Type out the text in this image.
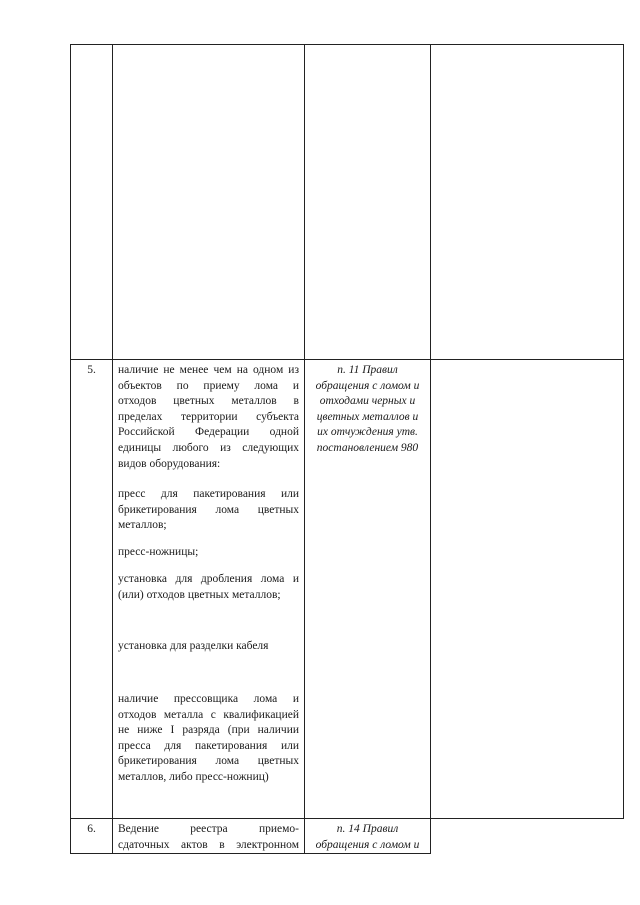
5.	наличие не менее чем на одном из

объектов по приему лома и

отходов цветных металлов в

пределах территории субъекта

Российской Федерации одной

единицы любого из следующих

видов оборудования:

пресс для пакетирования или

брикетирования лома цветных

металлов;

пресс-ножницы;

установка для дробления лома и

(или) отходов цветных металлов;

установка для разделки кабеля

наличие прессовщика лома и

отходов металла с квалификацией

не ниже I разряда (при наличии

пресса для пакетирования или

брикетирования лома цветных

металлов, либо пресс-ножниц)

п. 11 Правил
обращения с ломом и
отходами черных и
цветных металлов и
их отчуждения утв.
постановлением 980
6.	Ведение реестра приемо-

сдаточных актов в электронном

п. 14 Правил
обращения с ломом и
